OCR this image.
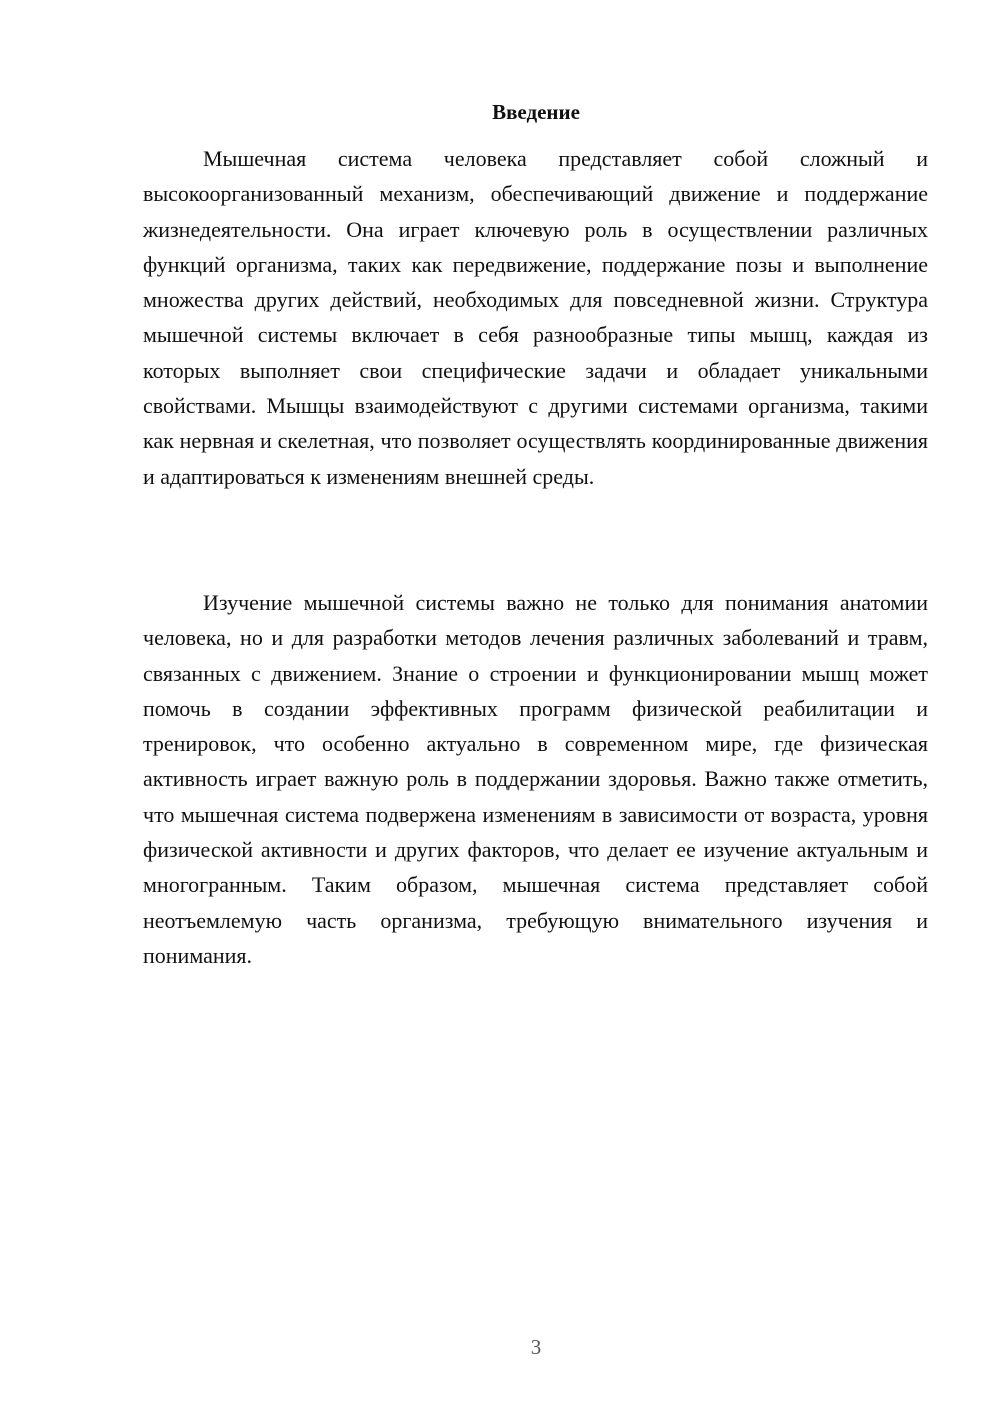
Введение

Мышечная система человека представляет собой сложный и высокоорганизованный механизм, обеспечивающий движение и поддержание жизнедеятельности. Она играет ключевую роль в осуществлении различных функций организма, таких как передвижение, поддержание позы и выполнение множества других действий, необходимых для повседневной жизни. Структура мышечной системы включает в себя разнообразные типы мышц, каждая из которых выполняет свои специфические задачи и обладает уникальными свойствами. Мышцы взаимодействуют с другими системами организма, такими как нервная и скелетная, что позволяет осуществлять координированные движения и адаптироваться к изменениям внешней среды.

Изучение мышечной системы важно не только для понимания анатомии человека, но и для разработки методов лечения различных заболеваний и травм, связанных с движением. Знание о строении и функционировании мышц может помочь в создании эффективных программ физической реабилитации и тренировок, что особенно актуально в современном мире, где физическая активность играет важную роль в поддержании здоровья. Важно также отметить, что мышечная система подвержена изменениям в зависимости от возраста, уровня физической активности и других факторов, что делает ее изучение актуальным и многогранным. Таким образом, мышечная система представляет собой неотъемлемую часть организма, требующую внимательного изучения и понимания.

3
